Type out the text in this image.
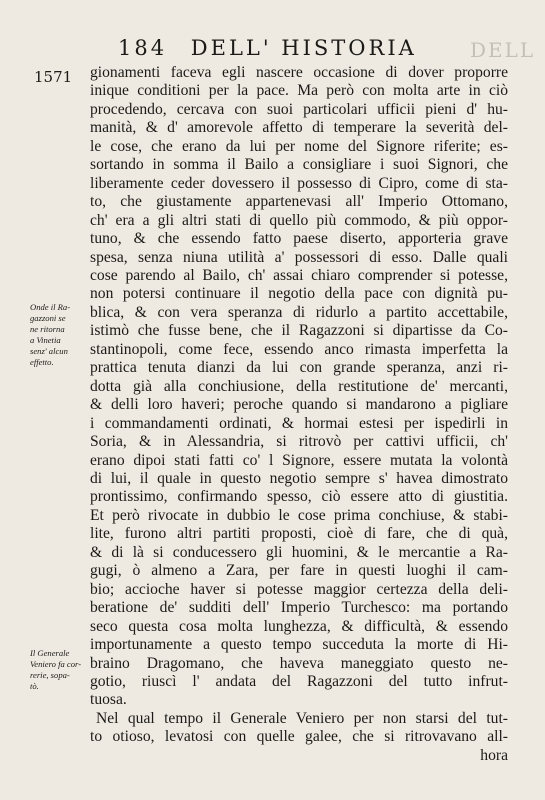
184 DELL' HISTORIA	DELL
1571 gionamenti faceva egli nascere occasione di dover proporre
inique conditioni per la pace. Ma però con molta arte in ciò
procedendo, cercava con suoi particolari ufficii pieni d' hu-
manità, & d' amorevole affetto di temperare la severità del-
le cose, che erano da lui per nome del Signore riferite; es-
sortando in somma il Bailo a consigliare i suoi Signori, che
liberamente ceder dovessero il possesso di Cipro, come di sta-
to, che giustamente appartenevasi all' Imperio Ottomano,
ch' era a gli altri stati di quello più commodo, & più oppor-
tuno, & che essendo fatto paese diserto, apporteria grave
spesa, senza niuna utilità a' possessori di esso. Dalle quali
cose parendo al Bailo, ch' assai chiaro comprender si potesse,
non potersi continuare il negotio della pace con dignità pu-
blica, & con vera speranza di ridurlo a partito accettabile,
istimò che fusse bene, che il Ragazzoni si dipartisse da Co-
stantinopoli, come fece, essendo anco rimasta imperfetta la
prattica tenuta dianzi da lui con grande speranza, anzi ri-
dotta già alla conchiusione, della restitutione de' mercanti,
& delli loro haveri; peroche quando si mandarono a pigliare
i commandamenti ordinati, & hormai estesi per ispedirli in
Soria, & in Alessandria, si ritrovò per cattivi ufficii, ch'
erano dipoi stati fatti co' l Signore, essere mutata la volontà
di lui, il quale in questo negotio sempre s' havea dimostrato
prontissimo, confirmando spesso, ciò essere atto di giustitia.
Et però rivocate in dubbio le cose prima conchiuse, & stabi-
lite, furono altri partiti proposti, cioè di fare, che di quà,
& di là si conducessero gli huomini, & le mercantie a Ra-
gugi, ò almeno a Zara, per fare in questi luoghi il cam-
bio; accioche haver si potesse maggior certezza della deli-
beratione de' sudditi dell' Imperio Turchesco: ma portando
seco questa cosa molta lunghezza, & difficultà, & essendo
importunamente a questo tempo succeduta la morte di Hi-
braino Dragomano, che haveva maneggiato questo ne-
gotio, riuscì l' andata del Ragazzoni del tutto infrut-
tuosa.
Nel qual tempo il Generale Veniero per non starsi del tut-
to otioso, levatosi con quelle galee, che si ritrovavano all-
hora
Onde il Ra-
gazzoni se
ne ritorna
a Vinetia
senz' alcun
effetto.
Il Generale
Veniero fa cor-
rerie, sopa-
tò.
